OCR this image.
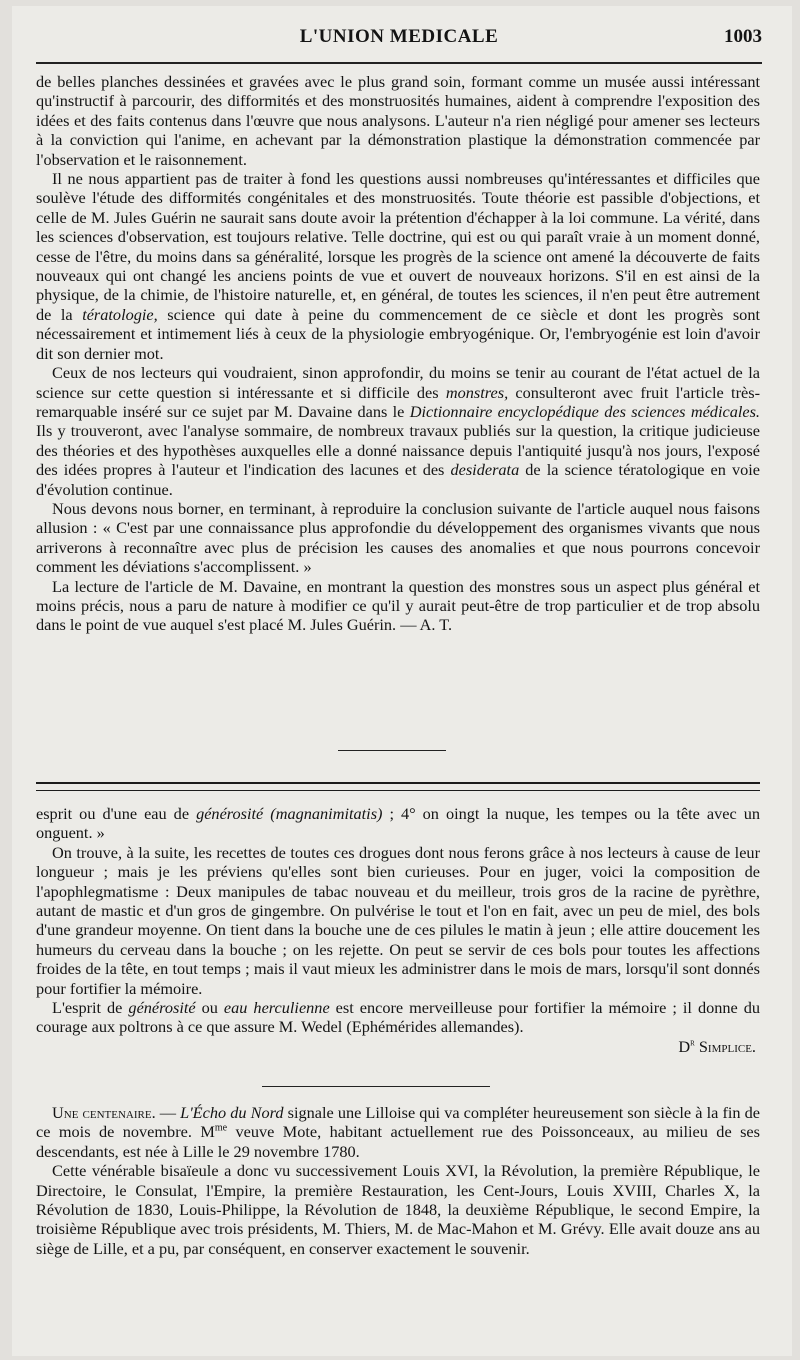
L'UNION MEDICALE	1003

de belles planches dessinées et gravées avec le plus grand soin, formant comme un musée aussi intéressant qu'instructif à parcourir, des difformités et des monstruosités humaines, aident à comprendre l'exposition des idées et des faits contenus dans l'œuvre que nous analysons. L'auteur n'a rien négligé pour amener ses lecteurs à la conviction qui l'anime, en achevant par la démonstration plastique la démonstration commencée par l'observation et le raisonnement.

Il ne nous appartient pas de traiter à fond les questions aussi nombreuses qu'intéressantes et difficiles que soulève l'étude des difformités congénitales et des monstruosités. Toute théorie est passible d'objections, et celle de M. Jules Guérin ne saurait sans doute avoir la prétention d'échapper à la loi commune. La vérité, dans les sciences d'observation, est toujours relative. Telle doctrine, qui est ou qui paraît vraie à un moment donné, cesse de l'être, du moins dans sa généralité, lorsque les progrès de la science ont amené la découverte de faits nouveaux qui ont changé les anciens points de vue et ouvert de nouveaux horizons. S'il en est ainsi de la physique, de la chimie, de l'histoire naturelle, et, en général, de toutes les sciences, il n'en peut être autrement de la tératologie, science qui date à peine du commencement de ce siècle et dont les progrès sont nécessairement et intimement liés à ceux de la physiologie embryogénique. Or, l'embryogénie est loin d'avoir dit son dernier mot.

Ceux de nos lecteurs qui voudraient, sinon approfondir, du moins se tenir au courant de l'état actuel de la science sur cette question si intéressante et si difficile des monstres, consulteront avec fruit l'article très-remarquable inséré sur ce sujet par M. Davaine dans le Dictionnaire encyclopédique des sciences médicales. Ils y trouveront, avec l'analyse sommaire, de nombreux travaux publiés sur la question, la critique judicieuse des théories et des hypothèses auxquelles elle a donné naissance depuis l'antiquité jusqu'à nos jours, l'exposé des idées propres à l'auteur et l'indication des lacunes et des desiderata de la science tératologique en voie d'évolution continue.

Nous devons nous borner, en terminant, à reproduire la conclusion suivante de l'article auquel nous faisons allusion : « C'est par une connaissance plus approfondie du développement des organismes vivants que nous arriverons à reconnaître avec plus de précision les causes des anomalies et que nous pourrons concevoir comment les déviations s'accomplissent. »

La lecture de l'article de M. Davaine, en montrant la question des monstres sous un aspect plus général et moins précis, nous a paru de nature à modifier ce qu'il y aurait peut-être de trop particulier et de trop absolu dans le point de vue auquel s'est placé M. Jules Guérin. — A. T.

esprit ou d'une eau de générosité (magnanimitatis) ; 4° on oingt la nuque, les tempes ou la tête avec un onguent. »

On trouve, à la suite, les recettes de toutes ces drogues dont nous ferons grâce à nos lecteurs à cause de leur longueur ; mais je les préviens qu'elles sont bien curieuses. Pour en juger, voici la composition de l'apophlegmatisme : Deux manipules de tabac nouveau et du meilleur, trois gros de la racine de pyrèthre, autant de mastic et d'un gros de gingembre. On pulvérise le tout et l'on en fait, avec un peu de miel, des bols d'une grandeur moyenne. On tient dans la bouche une de ces pilules le matin à jeun ; elle attire doucement les humeurs du cerveau dans la bouche ; on les rejette. On peut se servir de ces bols pour toutes les affections froides de la tête, en tout temps ; mais il vaut mieux les administrer dans le mois de mars, lorsqu'il sont donnés pour fortifier la mémoire.

L'esprit de générosité ou eau herculienne est encore merveilleuse pour fortifier la mémoire ; il donne du courage aux poltrons à ce que assure M. Wedel (Ephémérides allemandes).

$D^r$ Simplice.

Une centenaire. — L'Écho du Nord signale une Lilloise qui va compléter heureusement son siècle à la fin de ce mois de novembre. $M^{me}$ veuve Mote, habitant actuellement rue des Poissonceaux, au milieu de ses descendants, est née à Lille le 29 novembre 1780.

Cette vénérable bisaïeule a donc vu successivement Louis XVI, la Révolution, la première République, le Directoire, le Consulat, l'Empire, la première Restauration, les Cent-Jours, Louis XVIII, Charles X, la Révolution de 1830, Louis-Philippe, la Révolution de 1848, la deuxième République, le second Empire, la troisième République avec trois présidents, M. Thiers, M. de Mac-Mahon et M. Grévy. Elle avait douze ans au siège de Lille, et a pu, par conséquent, en conserver exactement le souvenir.
